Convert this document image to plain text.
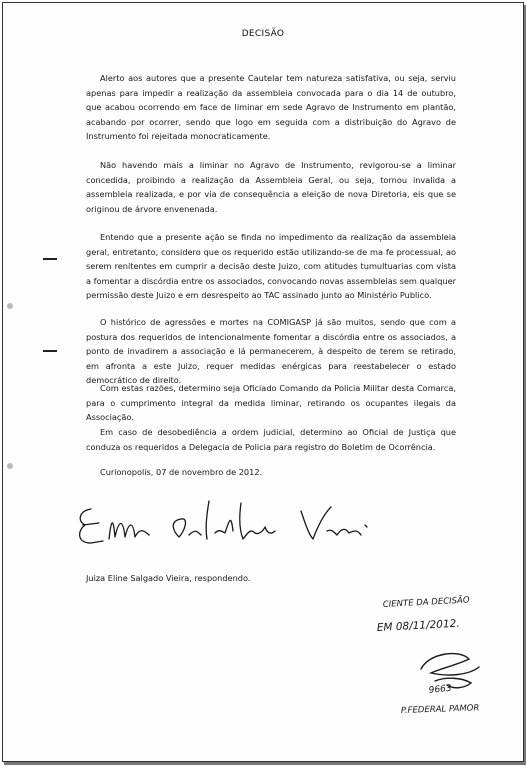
DECISÃO

Alerto aos autores que a presente Cautelar tem natureza satisfativa, ou seja, serviu apenas para impedir a realização da assembleia convocada para o dia 14 de outubro, que acabou ocorrendo em face de liminar em sede Agravo de Instrumento em plantão, acabando por ocorrer, sendo que logo em seguida com a distribuição do Agravo de Instrumento foi rejeitada monocraticamente.

Não havendo mais a liminar no Agravo de Instrumento, revigorou-se a liminar concedida, proibindo a realização da Assembleia Geral, ou seja, tornou invalida a assembleia realizada, e por via de consequência a eleição de nova Diretoria, eis que se originou de árvore envenenada.

Entendo que a presente ação se finda no impedimento da realização da assembleia geral, entretanto, considero que os requerido estão utilizando-se de ma fe processual, ao serem renitentes em cumprir a decisão deste Juizo, com atitudes tumultuarias com vista a fomentar a discórdia entre os associados, convocando novas assembleias sem qualquer permissão deste Juizo e em desrespeito ao TAC assinado junto ao Ministério Publico.

O histórico de agressões e mortes na COMIGASP já são muitos, sendo que com a postura dos requeridos de intencionalmente fomentar a discórdia entre os associados, a ponto de invadirem a associação e lá permanecerem, à despeito de terem se retirado, em afronta a este Juizo, requer medidas enérgicas para reestabelecer o estado democrático de direito.

Com estas razões, determino seja Oficiado Comando da Policia Militar desta Comarca, para o cumprimento integral da medida liminar, retirando os ocupantes ilegais da Associação.

Em caso de desobediência a ordem judicial, determino ao Oficial de Justiça que conduza os requeridos a Delegacia de Policia para registro do Boletim de Ocorrência.

Curionopolis, 07 de novembro de 2012.

Juiza Eline Salgado Vieira, respondendo.

CIENTE DA DECISÃO
EM 08/11/2012.
9663
P.FEDERAL PAMOR
